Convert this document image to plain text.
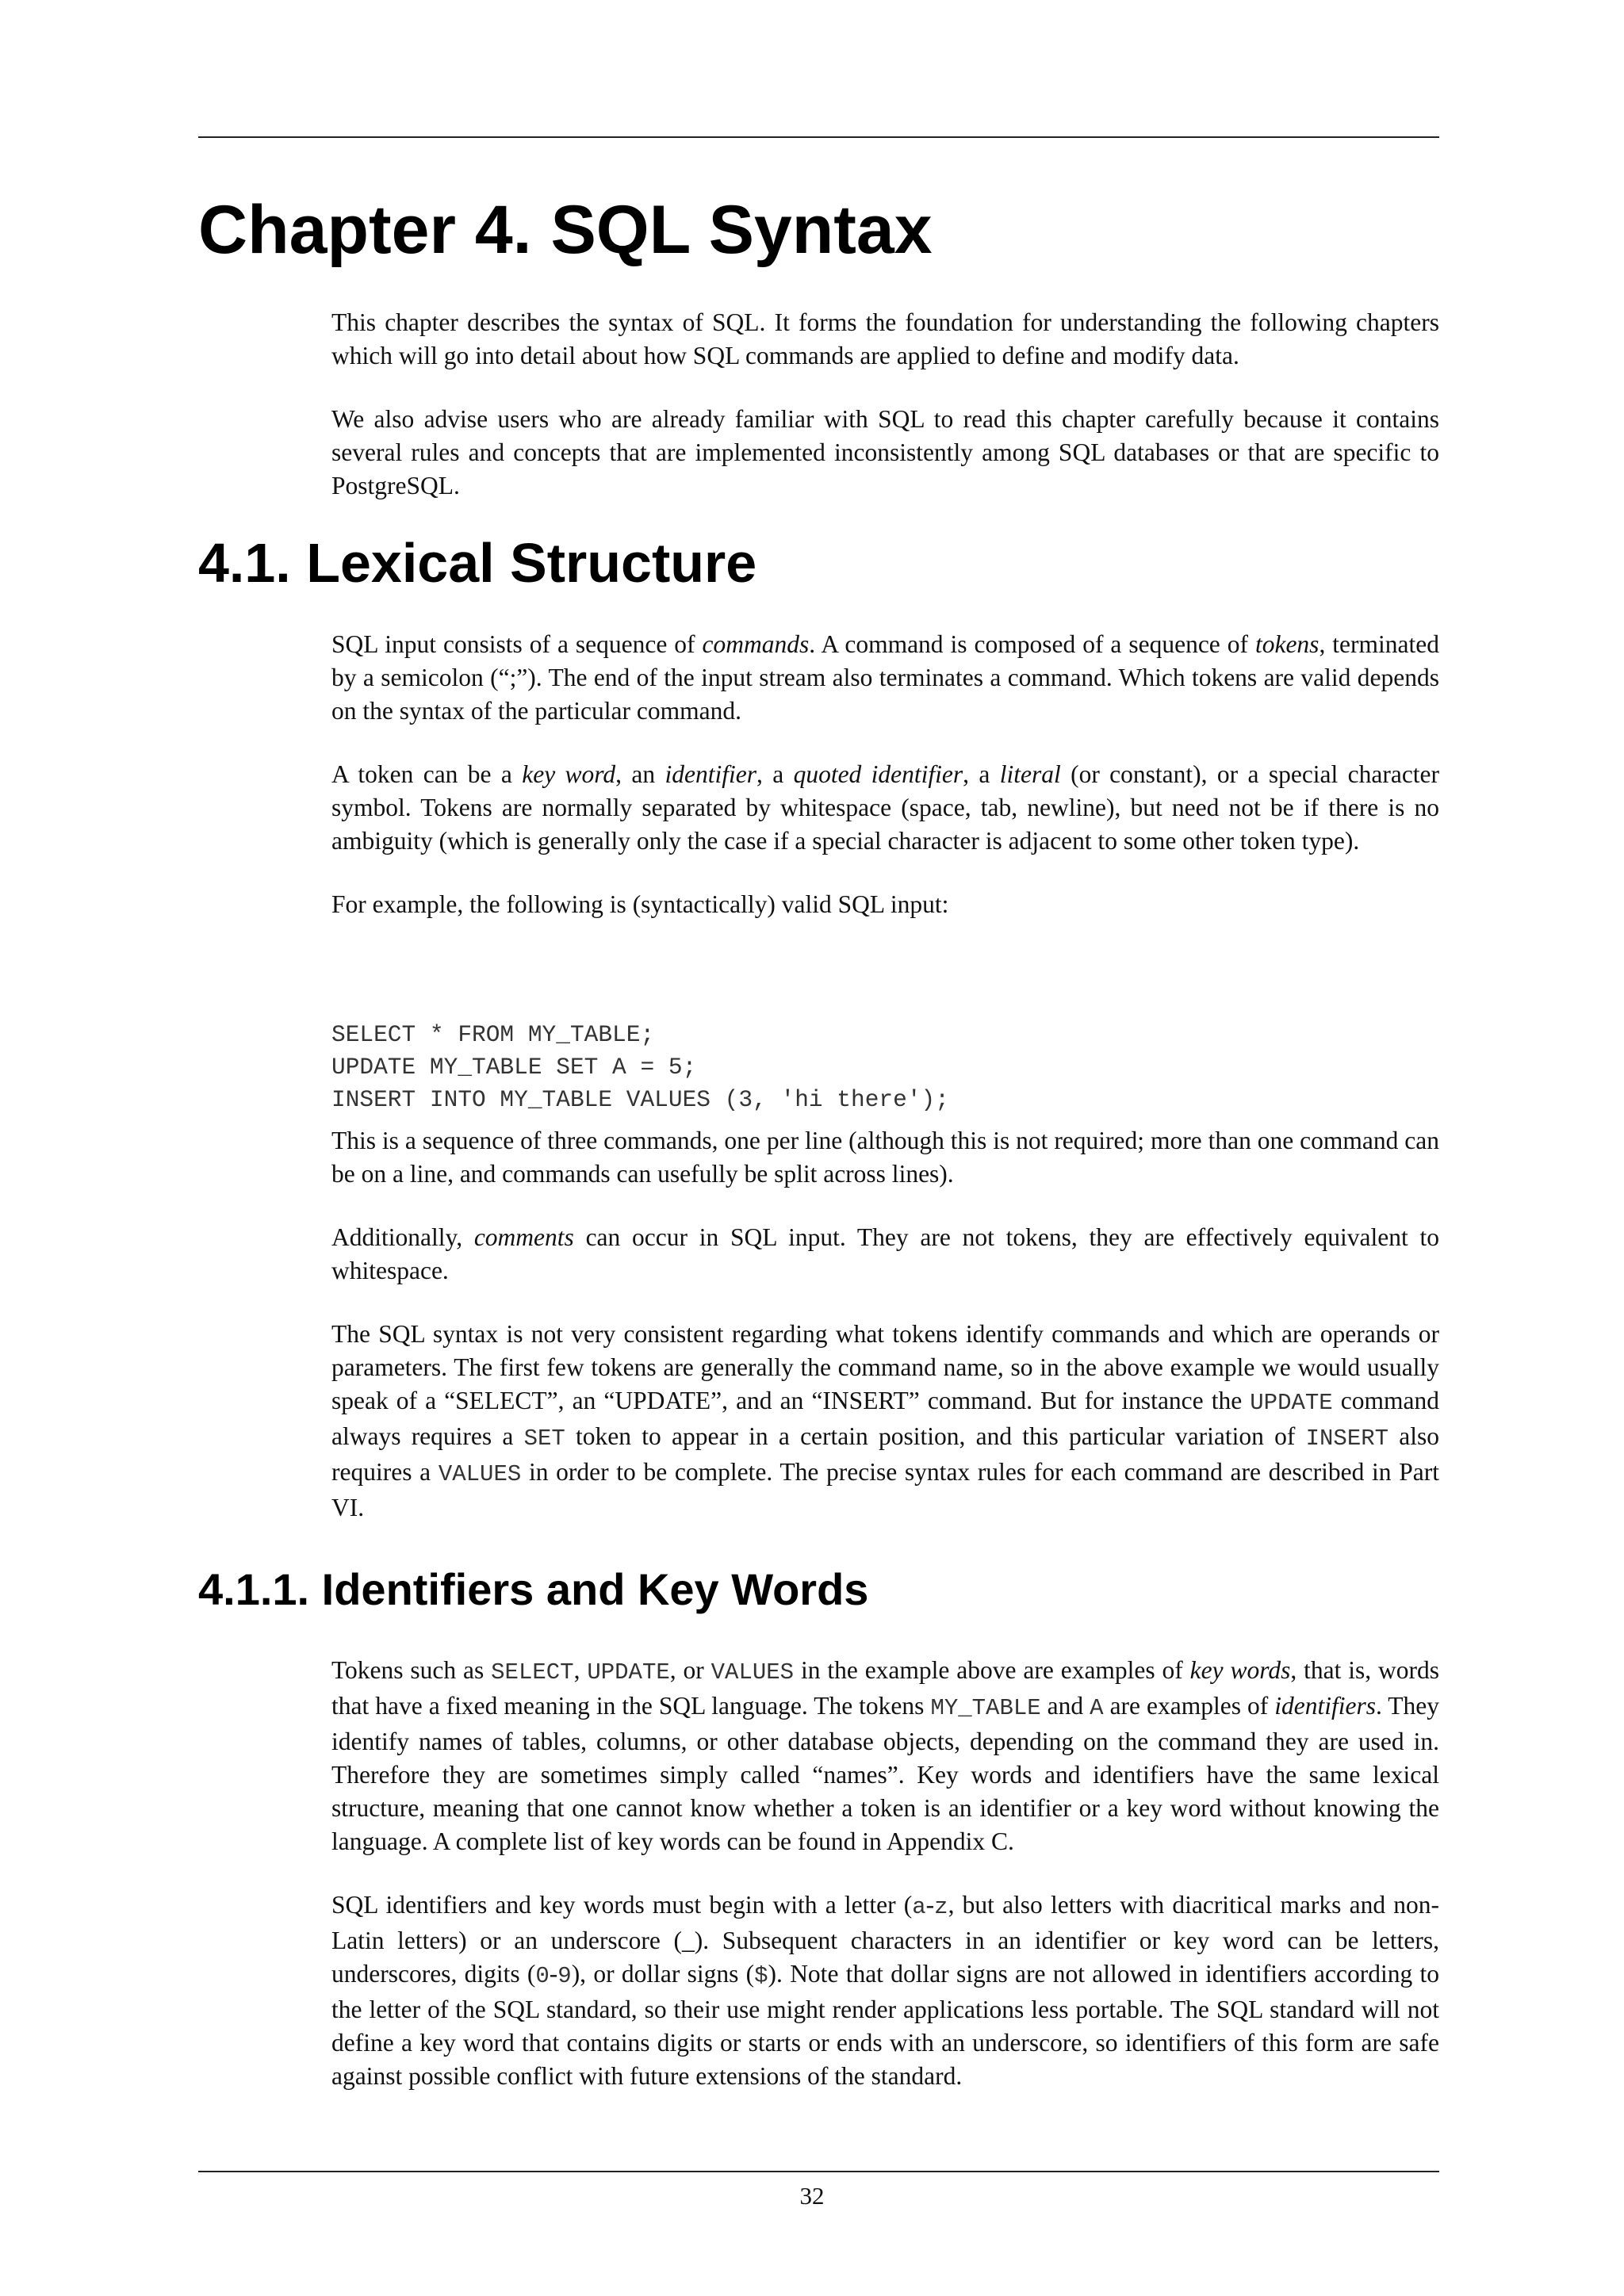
Chapter 4. SQL Syntax

This chapter describes the syntax of SQL. It forms the foundation for understanding the following chapters which will go into detail about how SQL commands are applied to define and modify data.

We also advise users who are already familiar with SQL to read this chapter carefully because it contains several rules and concepts that are implemented inconsistently among SQL databases or that are specific to PostgreSQL.

4.1. Lexical Structure

SQL input consists of a sequence of commands. A command is composed of a sequence of tokens, terminated by a semicolon (“;”). The end of the input stream also terminates a command. Which tokens are valid depends on the syntax of the particular command.

A token can be a key word, an identifier, a quoted identifier, a literal (or constant), or a special character symbol. Tokens are normally separated by whitespace (space, tab, newline), but need not be if there is no ambiguity (which is generally only the case if a special character is adjacent to some other token type).

For example, the following is (syntactically) valid SQL input:

SELECT * FROM MY_TABLE;
UPDATE MY_TABLE SET A = 5;
INSERT INTO MY_TABLE VALUES (3, 'hi there');

This is a sequence of three commands, one per line (although this is not required; more than one command can be on a line, and commands can usefully be split across lines).

Additionally, comments can occur in SQL input. They are not tokens, they are effectively equivalent to whitespace.

The SQL syntax is not very consistent regarding what tokens identify commands and which are operands or parameters. The first few tokens are generally the command name, so in the above example we would usually speak of a “SELECT”, an “UPDATE”, and an “INSERT” command. But for instance the UPDATE command always requires a SET token to appear in a certain position, and this particular variation of INSERT also requires a VALUES in order to be complete. The precise syntax rules for each command are described in Part VI.

4.1.1. Identifiers and Key Words

Tokens such as SELECT, UPDATE, or VALUES in the example above are examples of key words, that is, words that have a fixed meaning in the SQL language. The tokens MY_TABLE and A are examples of identifiers. They identify names of tables, columns, or other database objects, depending on the command they are used in. Therefore they are sometimes simply called “names”. Key words and identifiers have the same lexical structure, meaning that one cannot know whether a token is an identifier or a key word without knowing the language. A complete list of key words can be found in Appendix C.

SQL identifiers and key words must begin with a letter (a-z, but also letters with diacritical marks and non-Latin letters) or an underscore (_). Subsequent characters in an identifier or key word can be letters, underscores, digits (0-9), or dollar signs ($). Note that dollar signs are not allowed in identifiers according to the letter of the SQL standard, so their use might render applications less portable. The SQL standard will not define a key word that contains digits or starts or ends with an underscore, so identifiers of this form are safe against possible conflict with future extensions of the standard.

32
